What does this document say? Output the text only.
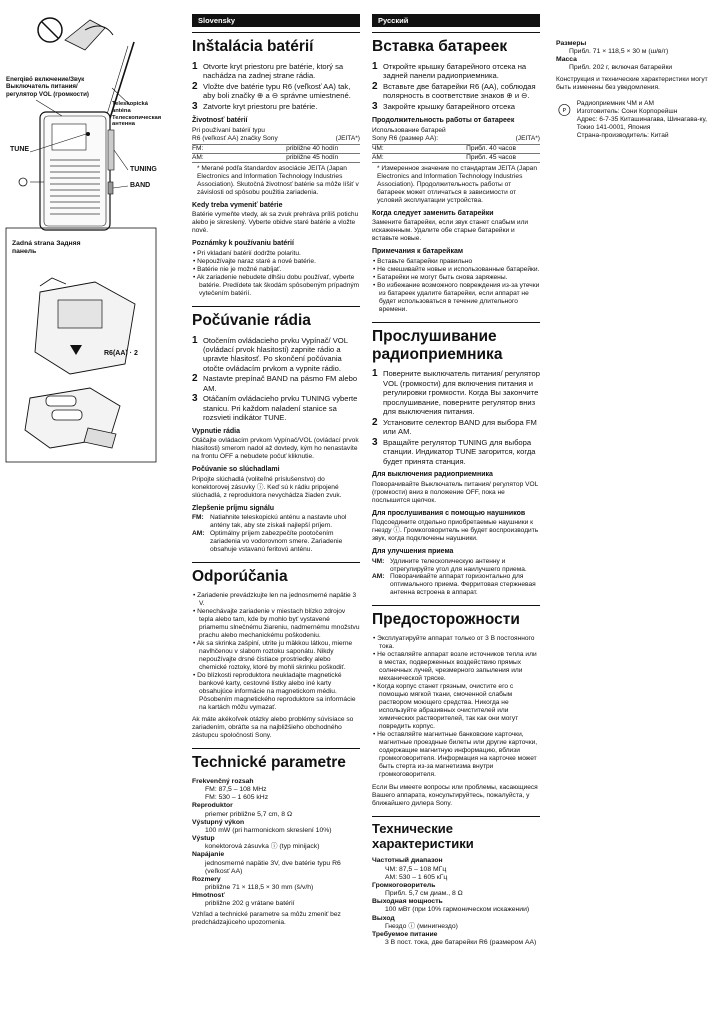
Enerqiво́ включение/Звук Выключатель питания/ регулятор VOL (громкости)
Teleskopická anténa Телескопическая антенна
TUNE
TUNING
BAND
Zadná strana Задняя панель
R6(AA) · 2
Slovensky
Inštalácia batérií
1 Otvorte kryt priestoru pre batérie, ktorý sa nachádza na zadnej strane rádia.
2 Vložte dve batérie typu R6 (veľkosť AA) tak, aby boli značky ⊕ a ⊖ správne umiestnené.
3 Zatvorte kryt priestoru pre batérie.
Životnosť batérií
Pri používaní batérií typu
R6 (veľkosť AA) značky Sony	(JEITA*)
FM:	približne 40 hodín
AM:	približne 45 hodín
* Merané podľa štandardov asociácie JEITA (Japan Electronics and Information Technology Industries Association). Skutočná životnosť batérie sa môže líšiť v závislosti od spôsobu použitia zariadenia.
Kedy treba vymeniť batérie
Batérie vymeňte vtedy, ak sa zvuk prehráva príliš potichu alebo je skreslený. Vyberte obidve staré batérie a vložte nové.
Poznámky k používaniu batérií
• Pri vkladaní batérií dodržte polaritu.
• Nepoužívajte naraz staré a nové batérie.
• Batérie nie je možné nabíjať.
• Ak zariadenie nebudete dlhšiu dobu používať, vyberte batérie. Predídete tak škodám spôsobeným prípadným vytečením batérií.
Počúvanie rádia
1 Otočením ovládacieho prvku Vypínač/ VOL (ovládací prvok hlasitosti) zapnite rádio a upravte hlasitosť. Po skončení počúvania otočte ovládacím prvkom a vypnite rádio.
2 Nastavte prepínač BAND na pásmo FM alebo AM.
3 Otáčaním ovládacieho prvku TUNING vyberte stanicu. Pri každom naladení stanice sa rozsvieti indikátor TUNE.
Vypnutie rádia
Otáčajte ovládacím prvkom Vypínač/VOL (ovládací prvok hlasitosti) smerom nadol až dovtedy, kým ho nenastavíte na frontu OFF a nebudete počuť kliknutie.
Počúvanie so slúchadlami
Pripojte slúchadlá (voliteľné príslušenstvo) do konektorovej zásuvky ⓘ. Keď sú k rádiu pripojené slúchadlá, z reproduktora nevychádza žiaden zvuk.
Zlepšenie príjmu signálu
FM: Natiahnite teleskopickú anténu a nastavte uhol antény tak, aby ste získali najlepší príjem.
AM: Optimálny príjem zabezpečíte pootočením zariadenia vo vodorovnom smere. Zariadenie obsahuje vstavanú feritovú anténu.
Odporúčania
• Zariadenie prevádzkujte len na jednosmerné napätie 3 V.
• Nenechávajte zariadenie v miestach blízko zdrojov tepla alebo tam, kde by mohlo byť vystavené priamemu slnečnému žiareniu, nadmernému množstvu prachu alebo mechanickému poškodeniu.
• Ak sa skrinka zašpiní, utrite ju mäkkou látkou, mierne navlhčenou v slabom roztoku saponátu. Nikdy nepoužívajte drsné čistiace prostriedky alebo chemické roztoky, ktoré by mohli skrinku poškodiť.
• Do blízkosti reproduktora neukladajte magnetické bankové karty, cestovné lístky alebo iné karty obsahujúce informácie na magnetickom médiu. Pôsobením magnetického reproduktore sa informácie na kartách môžu vymazať.
Ak máte akékoľvek otázky alebo problémy súvisiace so zariadením, obráťte sa na najbližšieho obchodného zástupcu spoločnosti Sony.
Technické parametre
Frekvenčný rozsah
FM: 87,5 – 108 MHz
FM: 530 – 1 605 kHz
Reproduktor
priemer približne 5,7 cm, 8 Ω
Výstupný výkon
100 mW (pri harmonickom skreslení 10%)
Výstup
konektorová zásuvka ⓘ (typ minijack)
Napájanie
jednosmerné napätie 3V, dve batérie typu R6 (veľkosť AA)
Rozmery
približne 71 × 118,5 × 30 mm (š/v/h)
Hmotnosť
približne 202 g vrátane batérií
Vzhľad a technické parametre sa môžu zmeniť bez predchádzajúceho upozornenia.
Русский
Вставка батареек
1 Откройте крышку батарейного отсека на задней панели радиоприемника.
2 Вставьте две батарейки R6 (AA), соблюдая полярность в соответствие знаков ⊕ и ⊖.
3 Закройте крышку батарейного отсека
Продолжительность работы от батареек
Использование батарей
Sony R6 (размер AA):	(JEITA*)
ЧМ:	Прибл. 40 часов
AM:	Прибл. 45 часов
* Измеренное значение по стандартам JEITA (Japan Electronics and Information Technology Industries Association). Продолжительность работы от батареек может отличаться в зависимости от условий эксплуатации устройства.
Когда следует заменить батарейки
Замените батарейки, если звук станет слабым или искаженным. Удалите обе старые батарейки и вставьте новые.
Примечания к батарейкам
• Вставьте батарейки правильно
• Не смешивайте новые и использованные батарейки.
• Батарейки не могут быть снова заряжены.
• Во избежание возможного повреждения из-за утечки из батареек удалите батарейки, если аппарат не будет использоваться в течение длительного времени.
Прослушивание радиоприемника
1 Поверните выключатель питания/ регулятор VOL (громкости) для включения питания и регулировки громкости. Когда Вы закончите прослушивание, поверните регулятор вниз для выключения питания.
2 Установите селектор BAND для выбора FM или AM.
3 Вращайте регулятор TUNING для выбора станции. Индикатор TUNE загорится, когда будет принята станция.
Для выключения радиоприемника
Поворачивайте Выключатель питания/ регулятор VOL (громкости) вниз в положение OFF, пока не послышится щелчок.
Для прослушивания с помощью наушников
Подсоедините отдельно приобретаемые наушники к гнезду ⓘ. Громкоговоритель не будет воспроизводить звук, когда подключены наушники.
Для улучшения приема
ЧМ: Удлините телескопическую антенну и отрегулируйте угол для наилучшего приема.
AM: Поворачивайте аппарат горизонтально для оптимального приема. Ферритовая стержневая антенна встроена в аппарат.
Предосторожности
• Эксплуатируйте аппарат только от 3 В постоянного тока.
• Не оставляйте аппарат возле источников тепла или в местах, подверженных воздействию прямых солнечных лучей, чрезмерного запыления или механической тряске.
• Когда корпус станет грязным, очистите его с помощью мягкой ткани, смоченной слабым раствором моющего средства. Никогда не используйте абразивных очистителей или химических растворителей, так как они могут повредить корпус.
• Не оставляйте магнитные банковские карточки, магнитные проездные билеты или другие карточки, содержащие магнитную информацию, вблизи громкоговорителя. Информация на карточке может быть стерта из-за магнетизма внутри громкоговорителя.
Если Вы имеете вопросы или проблемы, касающиеся Вашего аппарата, консультируйтесь, пожалуйста, у ближайшего дилера Sony.
Технические характеристики
Частотный диапазон
ЧМ: 87,5 – 108 МГц
AM: 530 – 1 605 кГц
Громкоговоритель
Прибл. 5,7 см диам., 8 Ω
Выходная мощность
100 мВт (при 10% гармоническом искажении)
Выход
Гнездо ⓘ (миниrнездо)
Требуемое питание
3 В пост. тока, две батарейки R6 (размером AA)
Размеры
Прибл. 71 × 118,5 × 30 м (ш/в/г)
Масса
Прибл. 202 г, включая батарейки
Конструкция и технические характеристики могут быть изменены без уведомления.
P
Радиоприемник ЧМ и АМ
Изготовитель: Сони Корпорейшн
Адрес: 6-7-35 Киташинагава, Шинагава-ку, Токио 141-0001, Япония
Страна-производитель: Китай
